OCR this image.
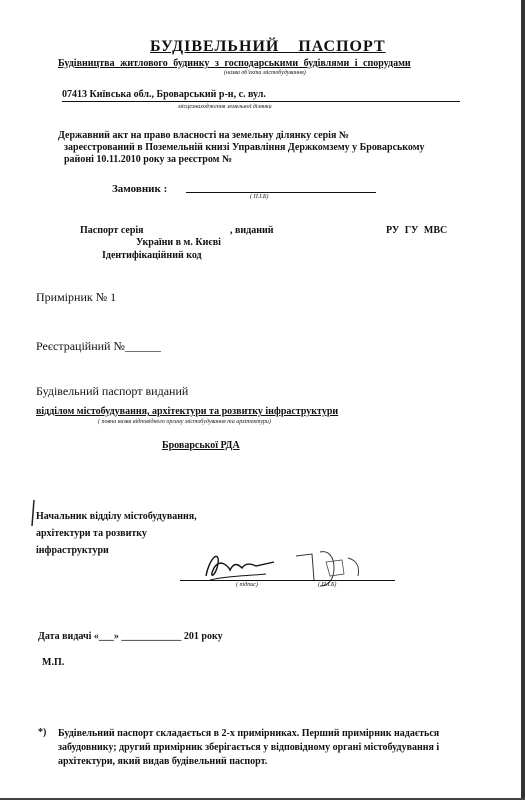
БУДІВЕЛЬНИЙ ПАСПОРТ
Будівництва житлового будинку з господарськими будівлями і спорудами
(назва об'єкта містобудування)
07413 Київська обл., Броварський р-н, с. вул.
місцезнаходження земельної ділянки
Державний акт на право власності на земельну ділянку серія №
зареєстрований в Поземельній книзі Управління Держкомзему у Броварському
районі 10.11.2010 року за реєстром №
Замовник :
( П.І.Б)
Паспорт серія	, виданий	РУ ГУ МВС
України в м. Києві
Ідентифікаційний код
Примірник № 1
Реєстраційний №______
Будівельний паспорт виданий
відділом містобудування, архітектури та розвитку інфраструктури
( повна назва відповідного органу містобудування та архітектури)
Броварської РДА
Начальник відділу містобудування,
архітектури та розвитку
інфраструктури
( підпис)	( П.І.Б)
Дата видачі «___» ____________ 201 року
М.П.
*) Будівельний паспорт складається в 2-х примірниках. Перший примірник надається забудовнику; другий примірник зберігається у відповідному органі містобудування і архітектури, який видав будівельний паспорт.
